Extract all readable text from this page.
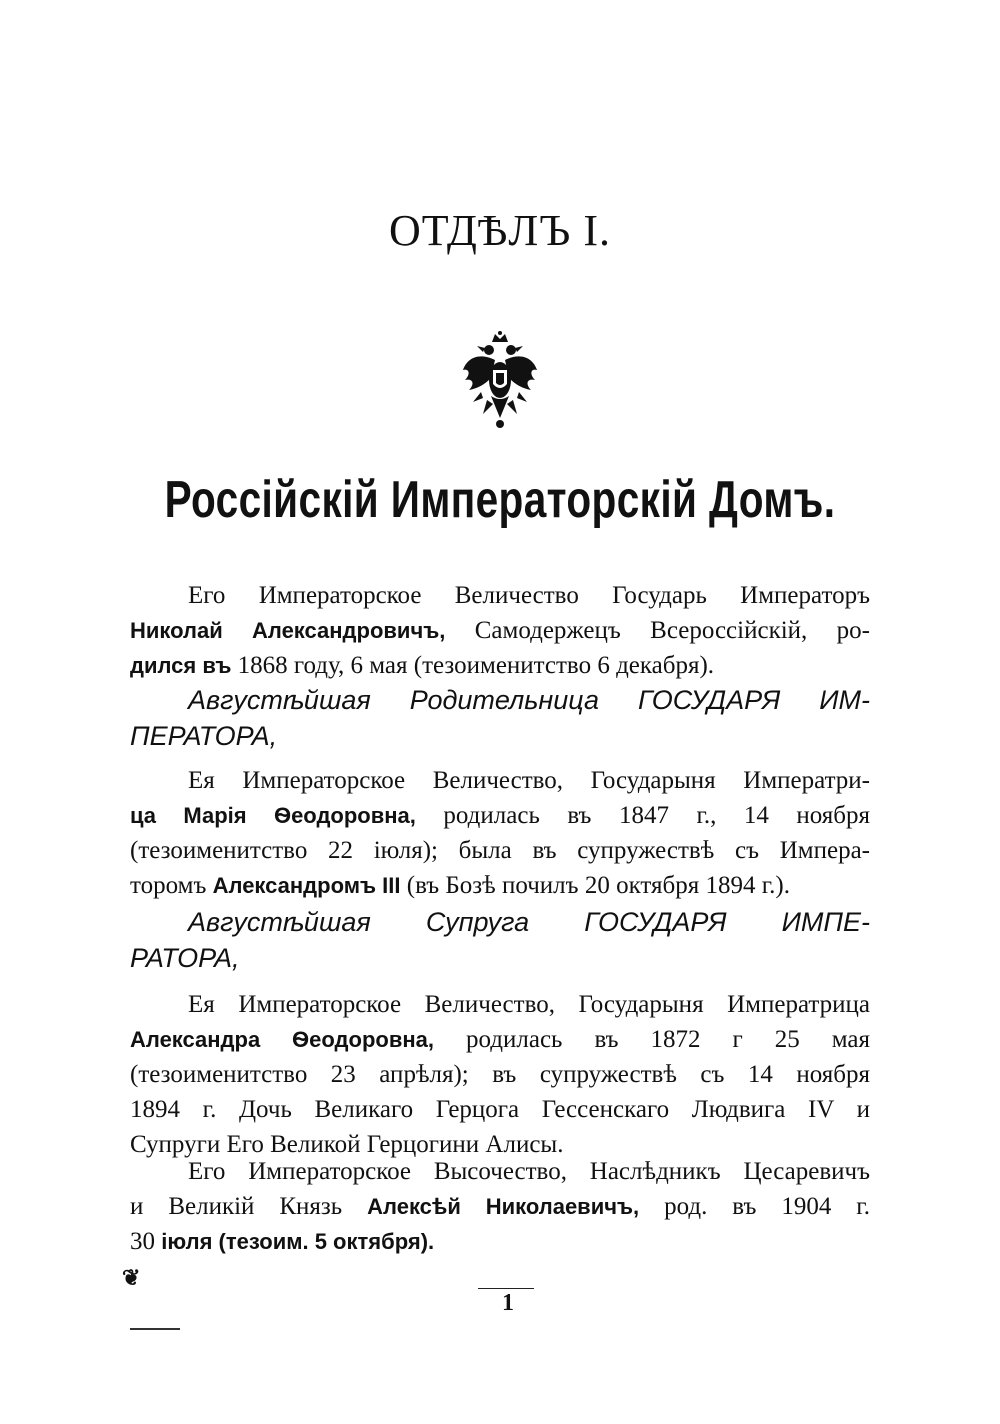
ОТДѢЛЪ I.
Россійскій Императорскій Домъ.
Его Императорское Величество Государь Императоръ
Николай Александровичъ, Самодержецъ Всероссійскій, ро-
дился въ 1868 году, 6 мая (тезоименитство 6 декабря).
Августѣйшая Родительница ГОСУДАРЯ ИМ-
ПЕРАТОРА,
Ея Императорское Величество, Государыня Императри-
ца Марія Ѳеодоровна, родилась въ 1847 г., 14 ноября
(тезоименитство 22 іюля); была въ супружествѣ съ Импера-
торомъ Александромъ III (въ Бозѣ почилъ 20 октября 1894 г.).
Августѣйшая Супруга ГОСУДАРЯ ИМПЕ-
РАТОРА,
Ея Императорское Величество, Государыня Императрица
Александра Ѳеодоровна, родилась въ 1872 г 25 мая
(тезоименитство 23 апрѣля); въ супружествѣ съ 14 ноября
1894 г. Дочь Великаго Герцога Гессенскаго Людвига IV и
Супруги Его Великой Герцогини Алисы.
Его Императорское Высочество, Наслѣдникъ Цесаревичъ
и Великій Князь Алексѣй Николаевичъ, род. въ 1904 г.
30 іюля (тезоим. 5 октября).
❦
1
